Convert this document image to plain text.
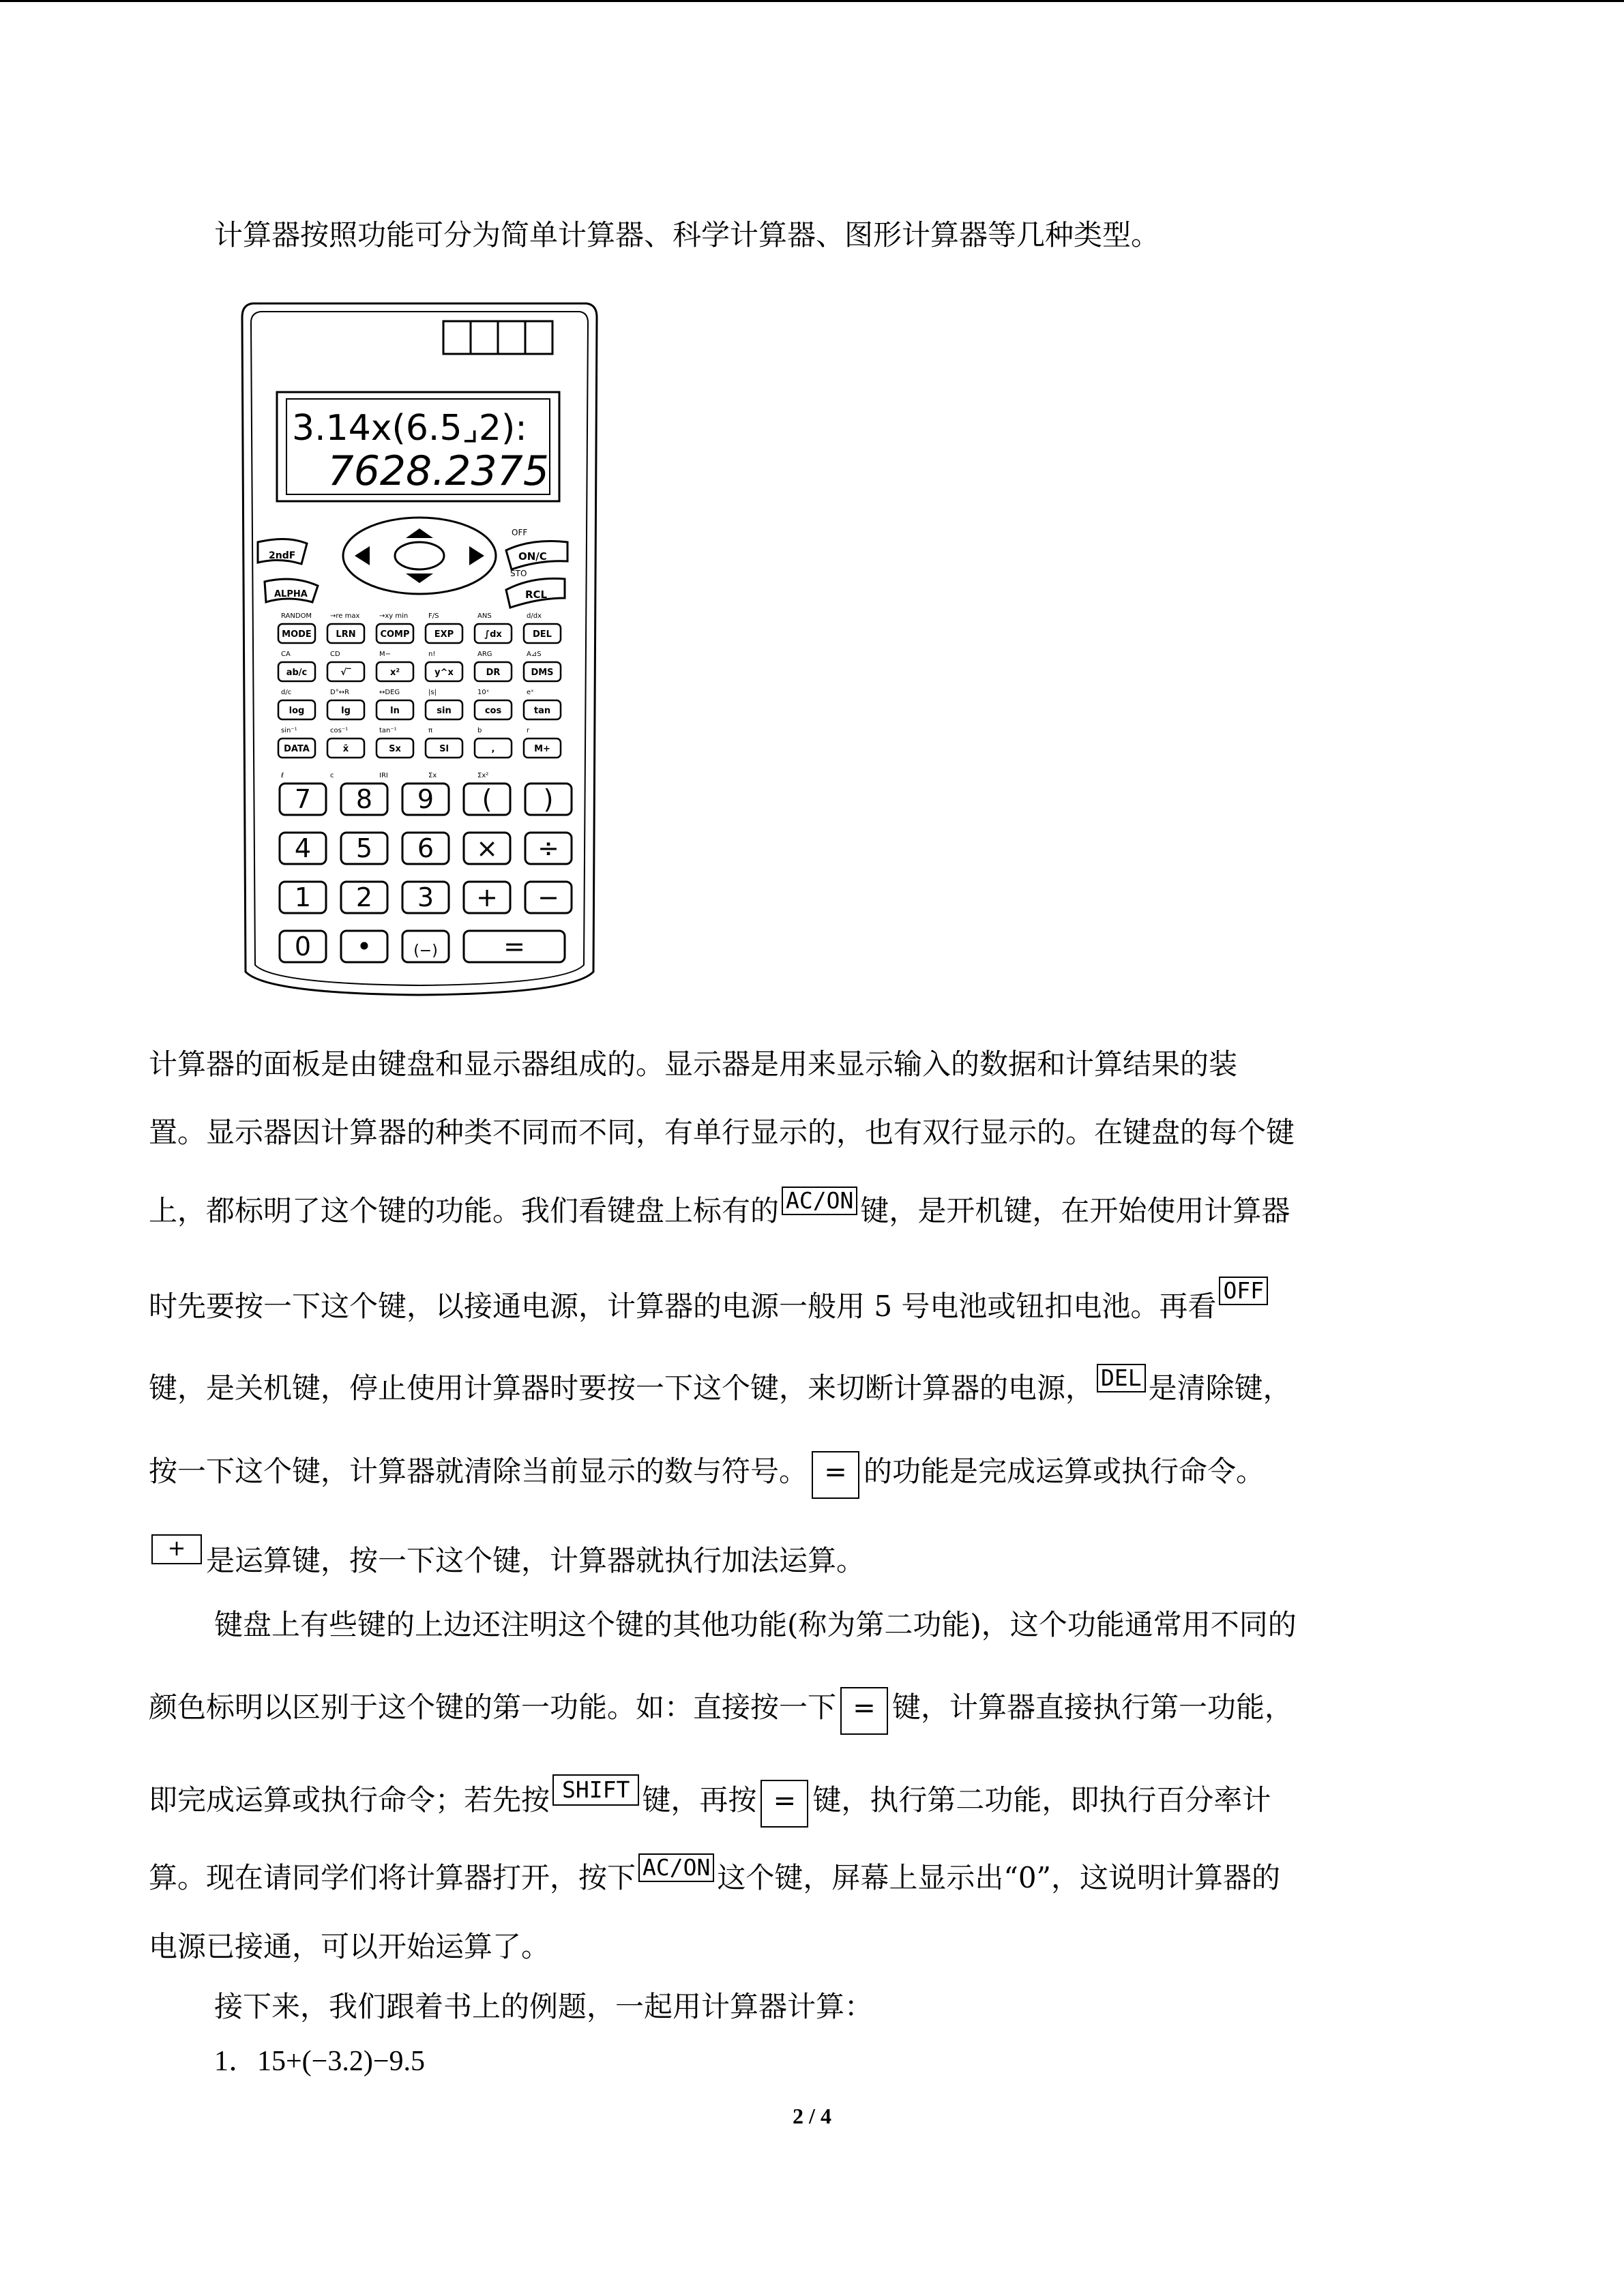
计算器按照功能可分为简单计算器、科学计算器、图形计算器等几种类型。
3.14x(6.5⌟2):
7628.2375
2ndF
ALPHA
ON/C
RCL
OFF
STO
MODE	LRN	COMP	EXP	∫dx	DEL
ab/c	√‾	x²	y^x	DR	DMS
log	lg	ln	sin	cos	tan
DATA	x̄	Sx	Sl	,	M+
7 8 9 ( )
4 5 6 × ÷
1 2 3 + −
0 •	(−)	=
RANDOM	→re max	→xy min	F/S	ANS	d/dx
CA	CD	M−	n!	ARG	A⊿S
d/c	D°↔R	↔DEG	|s|	10ˣ	eˣ
sin⁻¹	cos⁻¹	tan⁻¹	π	b	r
ℓ	c	IRI	Σx	Σx²
计算器的面板是由键盘和显示器组成的。显示器是用来显示输入的数据和计算结果的装
置。显示器因计算器的种类不同而不同，有单行显示的，也有双行显示的。在键盘的每个键
上，都标明了这个键的功能。我们看键盘上标有的 AC/ON 键，是开机键，在开始使用计算器
时先要按一下这个键，以接通电源，计算器的电源一般用 5 号电池或钮扣电池。再看 OFF
键，是关机键，停止使用计算器时要按一下这个键，来切断计算器的电源， DEL 是清除键，
按一下这个键，计算器就清除当前显示的数与符号。 = 的功能是完成运算或执行命令。
+ 是运算键，按一下这个键，计算器就执行加法运算。
键盘上有些键的上边还注明这个键的其他功能(称为第二功能)，这个功能通常用不同的
颜色标明以区别于这个键的第一功能。如：直接按一下 = 键，计算器直接执行第一功能，
即完成运算或执行命令；若先按 SHIFT 键，再按 = 键，执行第二功能，即执行百分率计
算。现在请同学们将计算器打开，按下 AC/ON 这个键，屏幕上显示出“0”，这说明计算器的
电源已接通，可以开始运算了。
接下来，我们跟着书上的例题，一起用计算器计算：
1．15+(−3.2)−9.5
2 / 4
